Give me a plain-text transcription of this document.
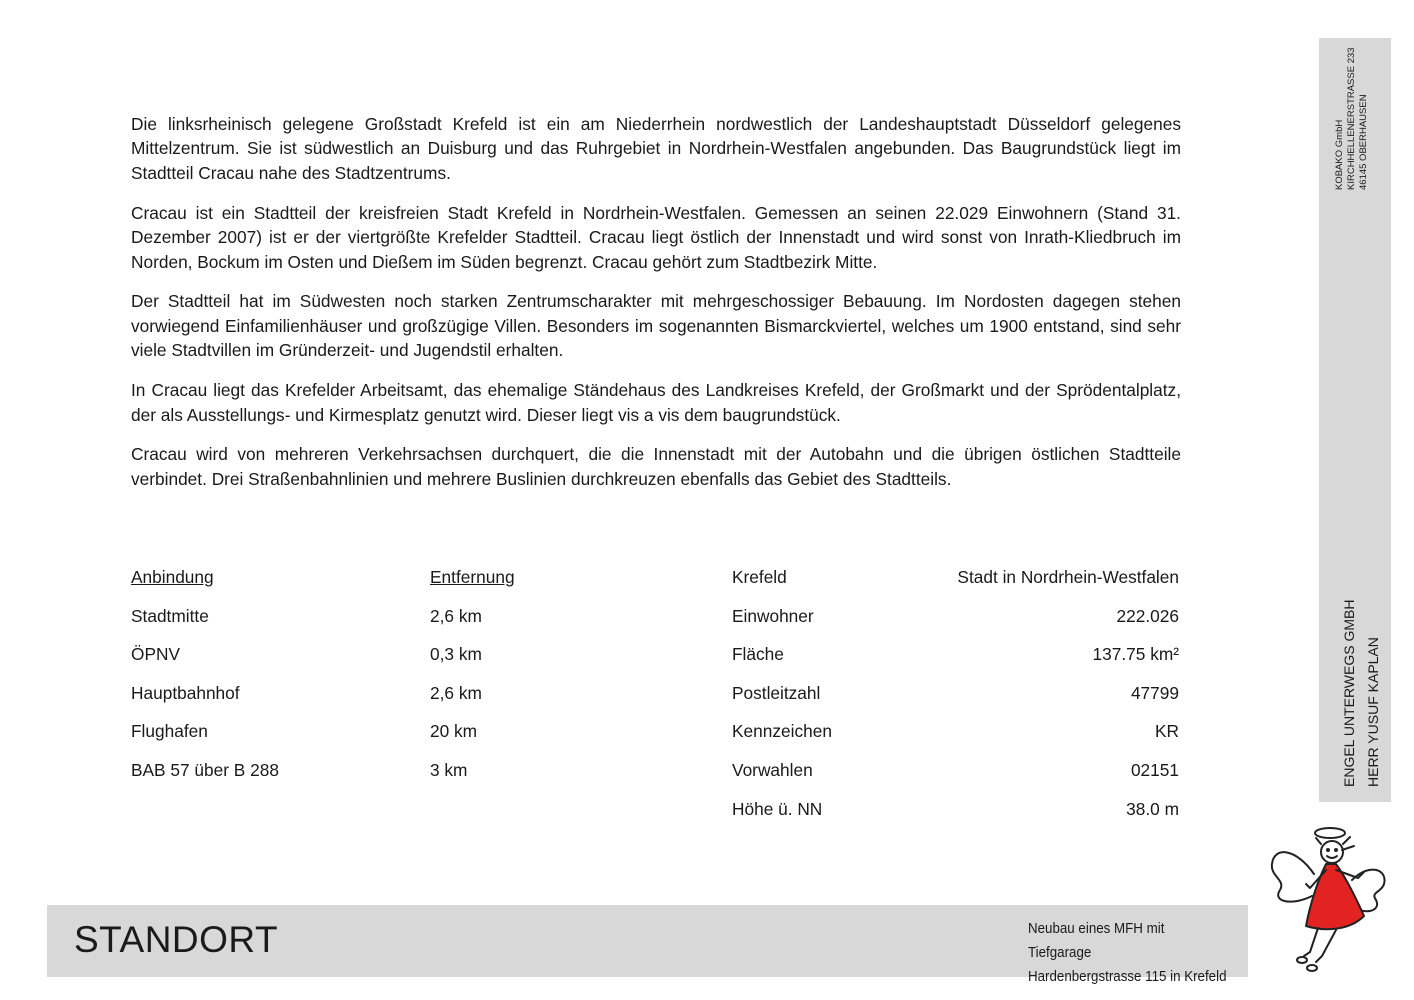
Die linksrheinisch gelegene Großstadt Krefeld ist ein am Niederrhein nordwestlich der Landeshauptstadt Düsseldorf gelegenes Mittelzentrum. Sie ist südwestlich an Duisburg und das Ruhrgebiet in Nordrhein-Westfalen angebunden. Das Baugrundstück liegt im Stadtteil Cracau nahe des Stadtzentrums.

Cracau ist ein Stadtteil der kreisfreien Stadt Krefeld in Nordrhein-Westfalen. Gemessen an seinen 22.029 Einwohnern (Stand 31. Dezember 2007) ist er der viertgrößte Krefelder Stadtteil. Cracau liegt östlich der Innenstadt und wird sonst von Inrath-Kliedbruch im Norden, Bockum im Osten und Dießem im Süden begrenzt. Cracau gehört zum Stadtbezirk Mitte.

Der Stadtteil hat im Südwesten noch starken Zentrumscharakter mit mehrgeschossiger Bebauung. Im Nordosten dagegen stehen vorwiegend Einfamilienhäuser und großzügige Villen. Besonders im sogenannten Bismarckviertel, welches um 1900 entstand, sind sehr viele Stadtvillen im Gründerzeit- und Jugendstil erhalten.

In Cracau liegt das Krefelder Arbeitsamt, das ehemalige Ständehaus des Landkreises Krefeld, der Großmarkt und der Sprödentalplatz, der als Ausstellungs- und Kirmesplatz genutzt wird. Dieser liegt vis a vis dem baugrundstück.

Cracau wird von mehreren Verkehrsachsen durchquert, die die Innenstadt mit der Autobahn und die übrigen östlichen Stadtteile verbindet. Drei Straßenbahnlinien und mehrere Buslinien durchkreuzen ebenfalls das Gebiet des Stadtteils.

Anbindung	Entfernung
Stadtmitte	2,6 km
ÖPNV	0,3 km
Hauptbahnhof	2,6 km
Flughafen	20 km
BAB 57 über B 288	3 km
Krefeld	Stadt in Nordrhein-Westfalen
Einwohner	222.026
Fläche	137.75 km²
Postleitzahl	47799
Kennzeichen	KR
Vorwahlen	02151
Höhe ü. NN	38.0 m
KOBAKO GmbH KIRCHHELLENERSTRASSE 233 46145 OBERHAUSEN
ENGEL UNTERWEGS GMBH HERR YUSUF KAPLAN
STANDORT	Neubau eines MFH mit Tiefgarage
Hardenbergstrasse 115 in Krefeld
